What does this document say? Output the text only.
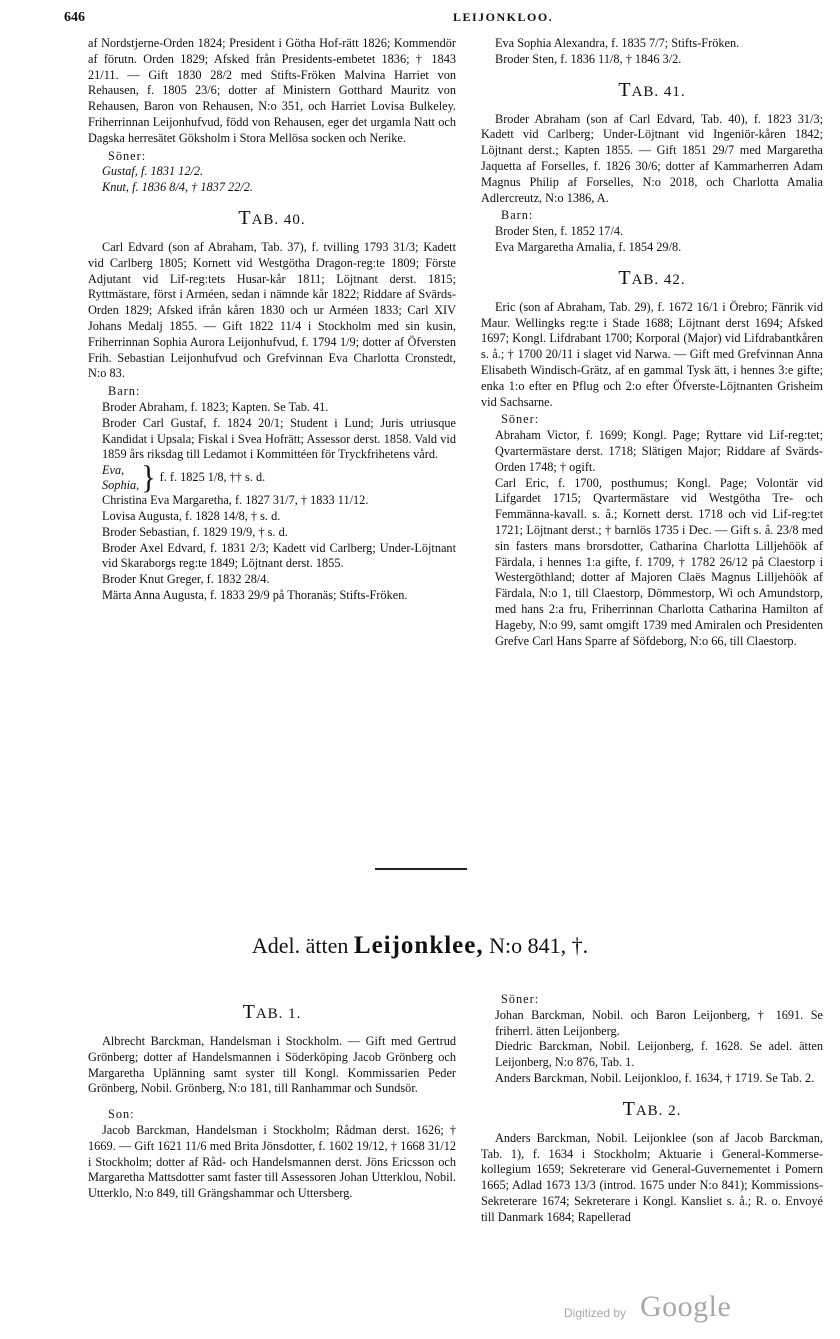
646	LEIJONKLOO.

af Nordstjerne-Orden 1824; President i Götha Hof-rätt 1826; Kommendör af förutn. Orden 1829; Afsked från Presidents-embetet 1836; † 1843 21/11. — Gift 1830 28/2 med Stifts-Fröken Malvina Harriet von Rehausen, f. 1805 23/6; dotter af Ministern Gotthard Mauritz von Rehausen, Baron von Rehausen, N:o 351, och Harriet Lovisa Bulkeley. Friherrinnan Leijonhufvud, född von Rehausen, eger det urgamla Natt och Dagska herresätet Göksholm i Stora Mellösa socken och Nerike.

Söner:

Gustaf, f. 1831 12/2.

Knut, f. 1836 8/4, † 1837 22/2.

TAB. 40.

Carl Edvard (son af Abraham, Tab. 37), f. tvilling 1793 31/3; Kadett vid Carlberg 1805; Kornett vid Westgötha Dragon-reg:te 1809; Förste Adjutant vid Lif-reg:tets Husar-kår 1811; Löjtnant derst. 1815; Ryttmästare, först i Arméen, sedan i nämnde kår 1822; Riddare af Svärds-Orden 1829; Afsked ifrån kåren 1830 och ur Arméen 1833; Carl XIV Johans Medalj 1855. — Gift 1822 11/4 i Stockholm med sin kusin, Friherrinnan Sophia Aurora Leijonhufvud, f. 1794 1/9; dotter af Öfversten Frih. Sebastian Leijonhufvud och Grefvinnan Eva Charlotta Cronstedt, N:o 83.

Barn:

Broder Abraham, f. 1823; Kapten. Se Tab. 41.

Broder Carl Gustaf, f. 1824 20/1; Student i Lund; Juris utriusque Kandidat i Upsala; Fiskal i Svea Hofrätt; Assessor derst. 1858. Vald vid 1859 års riksdag till Ledamot i Kommittéen för Tryckfrihetens vård.

Eva,
Sophia, } f. f. 1825 1/8, †† s. d.

Christina Eva Margaretha, f. 1827 31/7, † 1833 11/12.

Lovisa Augusta, f. 1828 14/8, † s. d.

Broder Sebastian, f. 1829 19/9, † s. d.

Broder Axel Edvard, f. 1831 2/3; Kadett vid Carlberg; Under-Löjtnant vid Skaraborgs reg:te 1849; Löjtnant derst. 1855.

Broder Knut Greger, f. 1832 28/4.

Märta Anna Augusta, f. 1833 29/9 på Thoranäs; Stifts-Fröken.

Eva Sophia Alexandra, f. 1835 7/7; Stifts-Fröken.

Broder Sten, f. 1836 11/8, † 1846 3/2.

TAB. 41.

Broder Abraham (son af Carl Edvard, Tab. 40), f. 1823 31/3; Kadett vid Carlberg; Under-Löjtnant vid Ingeniör-kåren 1842; Löjtnant derst.; Kapten 1855. — Gift 1851 29/7 med Margaretha Jaquetta af Forselles, f. 1826 30/6; dotter af Kammarherren Adam Magnus Philip af Forselles, N:o 2018, och Charlotta Amalia Adlercreutz, N:o 1386, A.

Barn:

Broder Sten, f. 1852 17/4.

Eva Margaretha Amalia, f. 1854 29/8.

TAB. 42.

Eric (son af Abraham, Tab. 29), f. 1672 16/1 i Örebro; Fänrik vid Maur. Wellingks reg:te i Stade 1688; Löjtnant derst 1694; Afsked 1697; Kongl. Lifdrabant 1700; Korporal (Major) vid Lifdrabantkåren s. å.; † 1700 20/11 i slaget vid Narwa. — Gift med Grefvinnan Anna Elisabeth Windisch-Grätz, af en gammal Tysk ätt, i hennes 3:e gifte; enka 1:o efter en Pflug och 2:o efter Öfverste-Löjtnanten Grisheim vid Sachsarne.

Söner:

Abraham Victor, f. 1699; Kongl. Page; Ryttare vid Lif-reg:tet; Qvartermästare derst. 1718; Slätigen Major; Riddare af Svärds-Orden 1748; † ogift.

Carl Eric, f. 1700, posthumus; Kongl. Page; Volontär vid Lifgardet 1715; Qvartermästare vid Westgötha Tre- och Femmänna-kavall. s. å.; Kornett derst. 1718 och vid Lif-reg:tet 1721; Löjtnant derst.; † barnlös 1735 i Dec. — Gift s. å. 23/8 med sin fasters mans brorsdotter, Catharina Charlotta Lilljehöök af Färdala, i hennes 1:a gifte, f. 1709, † 1782 26/12 på Claestorp i Westergöthland; dotter af Majoren Claës Magnus Lilljehöök af Färdala, N:o 1, till Claestorp, Dömmestorp, Wi och Amundstorp, med hans 2:a fru, Friherrinnan Charlotta Catharina Hamilton af Hageby, N:o 99, samt omgift 1739 med Amiralen och Presidenten Grefve Carl Hans Sparre af Söfdeborg, N:o 66, till Claestorp.

Adel. ätten Leijonklee, N:o 841, †.
TAB. 1.

Albrecht Barckman, Handelsman i Stockholm. — Gift med Gertrud Grönberg; dotter af Handelsmannen i Söderköping Jacob Grönberg och Margaretha Uplänning samt syster till Kongl. Kommissarien Peder Grönberg, Nobil. Grönberg, N:o 181, till Ranhammar och Sundsör.

Son:

Jacob Barckman, Handelsman i Stockholm; Rådman derst. 1626; † 1669. — Gift 1621 11/6 med Brita Jönsdotter, f. 1602 19/12, † 1668 31/12 i Stockholm; dotter af Råd- och Handelsmannen derst. Jöns Ericsson och Margaretha Mattsdotter samt faster till Assessoren Johan Utterklou, Nobil. Utterklo, N:o 849, till Grängshammar och Uttersberg.

Söner:

Johan Barckman, Nobil. och Baron Leijonberg, † 1691. Se friherrl. ätten Leijonberg.

Diedric Barckman, Nobil. Leijonberg, f. 1628. Se adel. ätten Leijonberg, N:o 876, Tab. 1.

Anders Barckman, Nobil. Leijonkloo, f. 1634, † 1719. Se Tab. 2.

TAB. 2.

Anders Barckman, Nobil. Leijonklee (son af Jacob Barckman, Tab. 1), f. 1634 i Stockholm; Aktuarie i General-Kommerse-kollegium 1659; Sekreterare vid General-Guvernementet i Pomern 1665; Adlad 1673 13/3 (introd. 1675 under N:o 841); Kommissions-Sekreterare 1674; Sekreterare i Kongl. Kansliet s. å.; R. o. Envoyé till Danmark 1684; Rapellerad

Digitized by Google
